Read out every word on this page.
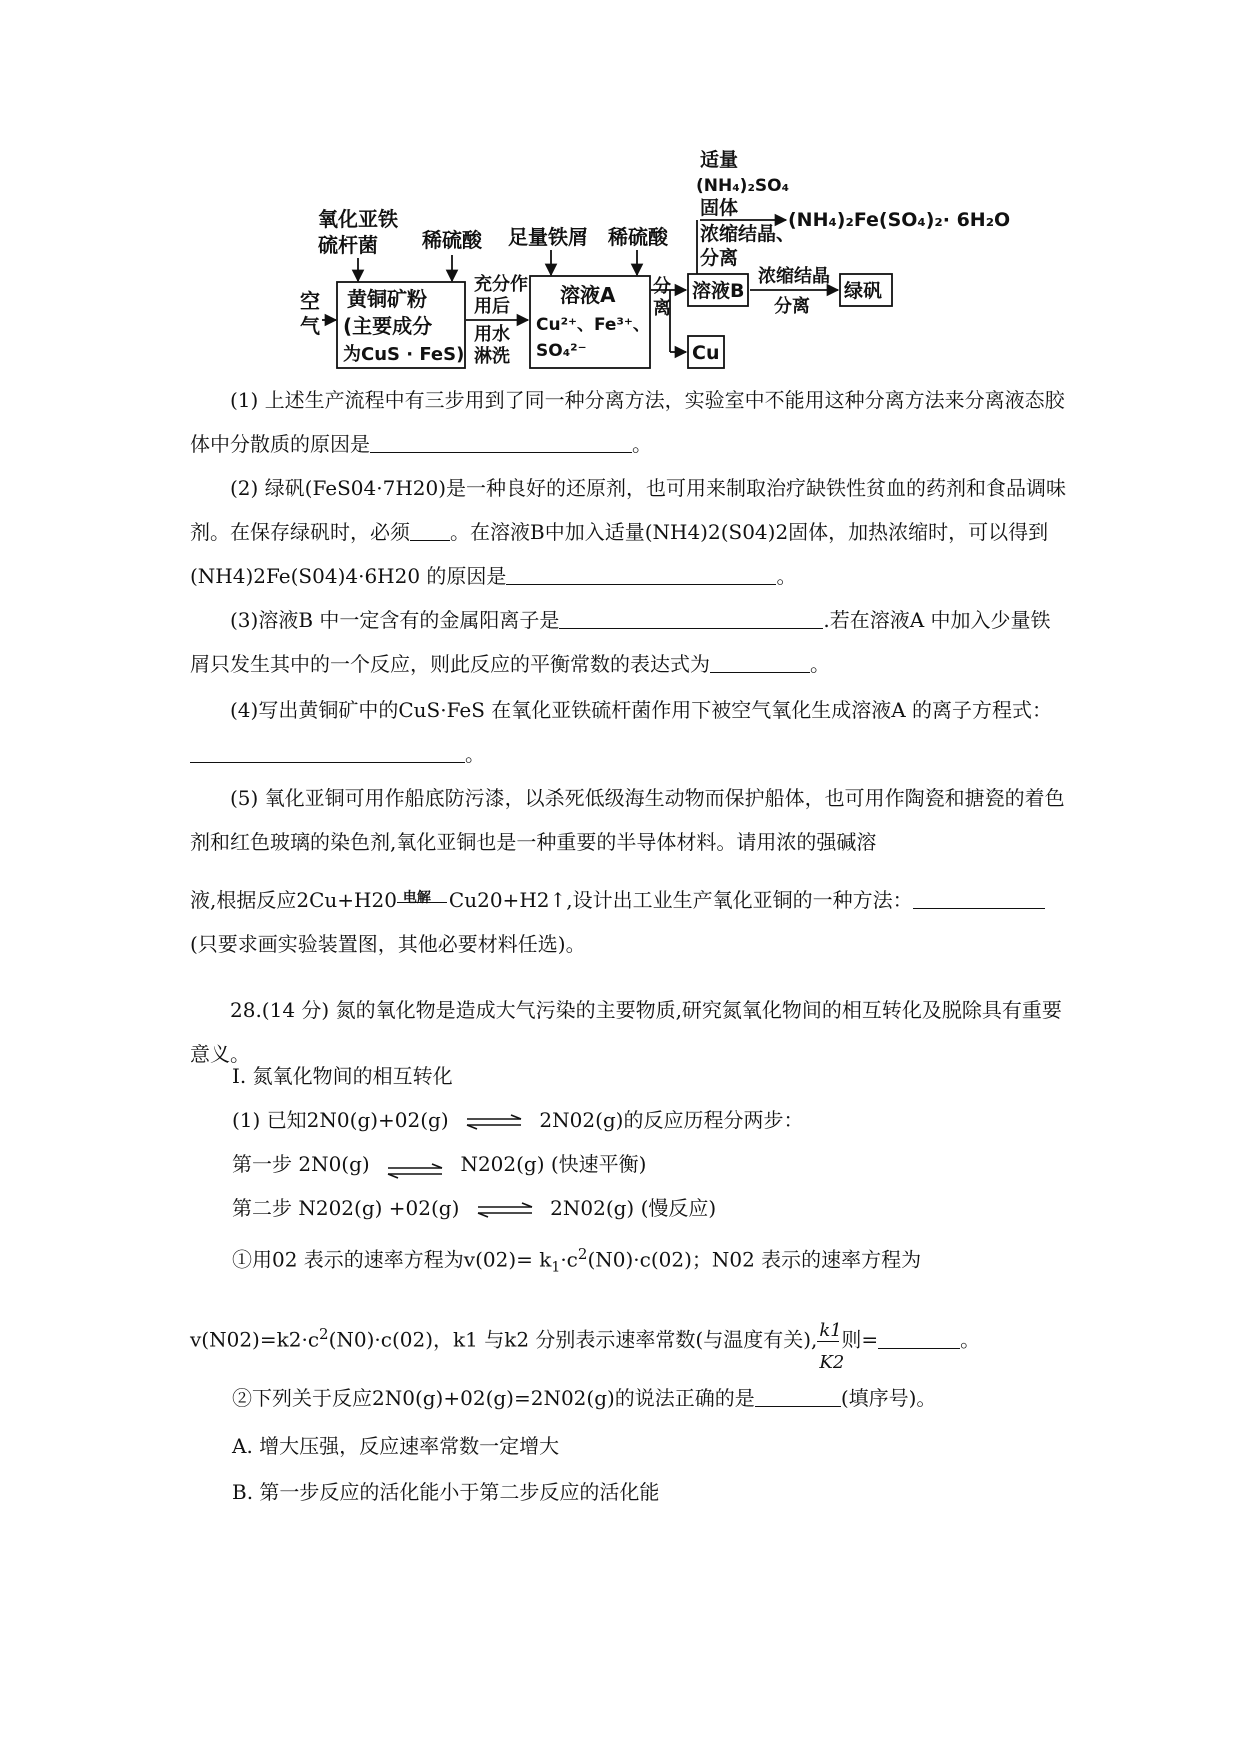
适量
(NH₄)₂SO₄
固体
(NH₄)₂Fe(SO₄)₂· 6H₂O
氧化亚铁
硫杆菌 稀硫酸 足量铁屑 稀硫酸 浓缩结晶、
分离
空
气
黄铜矿粉
(主要成分
为CuS · FeS)
充分作
用后
用水
淋洗
溶液A
Cu²⁺、Fe³⁺、
SO₄²⁻
分
离
溶液B
浓缩结晶
分离
绿矾
Cu

(1) 上述生产流程中有三步用到了同一种分离方法，实验室中不能用这种分离方法来分离液态胶体中分散质的原因是	。

(2) 绿矾(FeS04·7H20)是一种良好的还原剂，也可用来制取治疗缺铁性贫血的药剂和食品调味剂。在保存绿矾时，必须 。在溶液B中加入适量(NH4)2(S04)2固体，加热浓缩时，可以得到(NH4)2Fe(S04)4·6H20 的原因是	。

(3)溶液B 中一定含有的金属阳离子是	.若在溶液A 中加入少量铁屑只发生其中的一个反应，则此反应的平衡常数的表达式为	。

(4)写出黄铜矿中的CuS·FeS 在氧化亚铁硫杆菌作用下被空气氧化生成溶液A 的离子方程式：。

(5) 氧化亚铜可用作船底防污漆，以杀死低级海生动物而保护船体，也可用作陶瓷和搪瓷的着色剂和红色玻璃的染色剂,氧化亚铜也是一种重要的半导体材料。请用浓的强碱溶

液,根据反应2Cu+H20 电解 Cu20+H2↑,设计出工业生产氧化亚铜的一种方法：(只要求画实验装置图，其他必要材料任选)。

28.(14 分) 氮的氧化物是造成大气污染的主要物质,研究氮氧化物间的相互转化及脱除具有重要意义。

I. 氮氧化物间的相互转化
(1) 已知2N0(g)+02(g) ⇌ 2N02(g)的反应历程分两步：
第一步 2N0(g) ⇌ N202(g) (快速平衡)
第二步 N202(g) +02(g) ⇌ 2N02(g) (慢反应)
①用02 表示的速率方程为$v(02)= k_1\cdot c^2(N0)\cdot c(02)$；N02 表示的速率方程为
$v(N02)=k2\cdot c^2(N0)\cdot c(02)$，k1 与k2 分别表示速率常数(与温度有关), k1
K2
则=	。
②下列关于反应2N0(g)+02(g)=2N02(g)的说法正确的是	(填序号)。
A. 增大压强，反应速率常数一定增大
B. 第一步反应的活化能小于第二步反应的活化能
